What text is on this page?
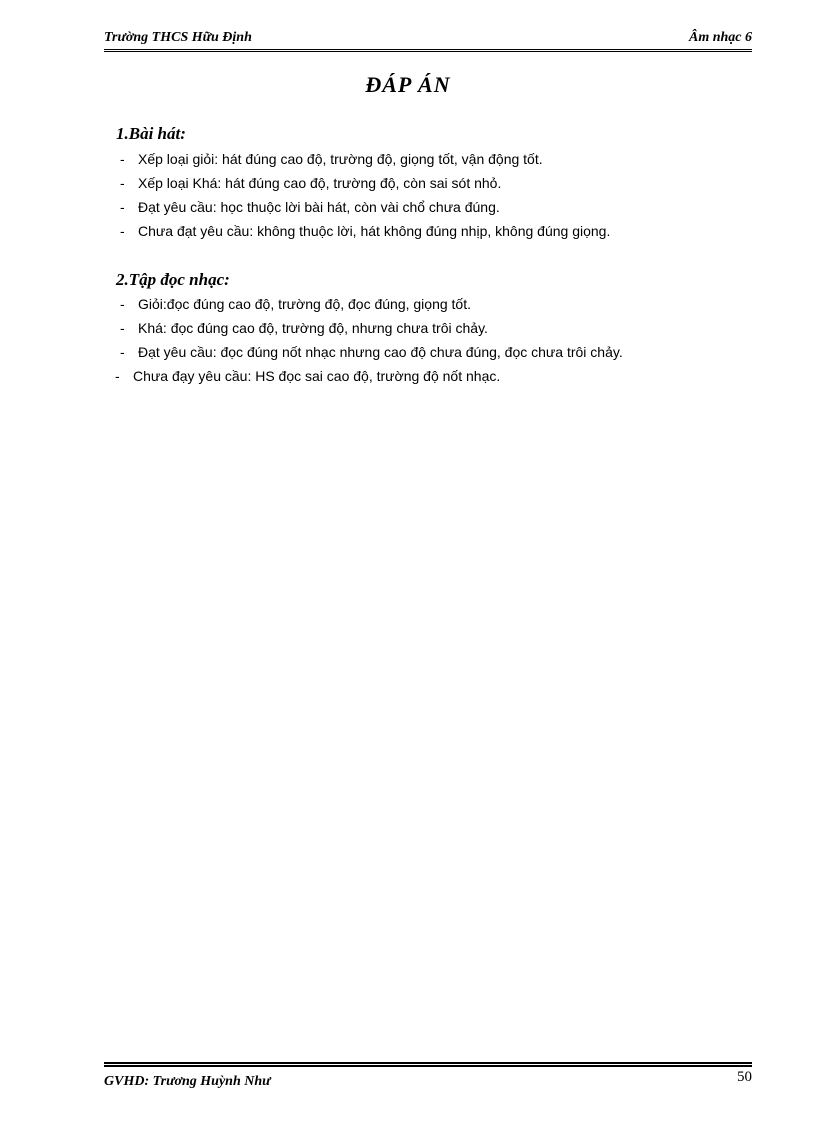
Trường THCS Hữu Định	Âm nhạc 6
ĐÁP ÁN
1.Bài hát:
- Xếp loại giỏi: hát đúng cao độ, trường độ, giọng tốt, vận động tốt.
- Xếp loại Khá: hát đúng cao độ, trường độ, còn sai sót nhỏ.
- Đạt yêu cầu: học thuộc lời bài hát, còn vài chổ chưa đúng.
- Chưa đạt yêu cầu: không thuộc lời, hát không đúng nhịp, không đúng giọng.
2.Tập đọc nhạc:
- Giỏi:đọc đúng cao độ, trường độ, đọc đúng, giọng tốt.
- Khá: đọc đúng cao độ, trường độ, nhưng chưa trôi chảy.
- Đạt yêu cầu: đọc đúng nốt nhạc nhưng cao độ chưa đúng, đọc chưa trôi chảy.
- Chưa đạy yêu cầu: HS đọc sai cao độ, trường độ nốt nhạc.
GVHD: Trương Huỳnh Như	50
